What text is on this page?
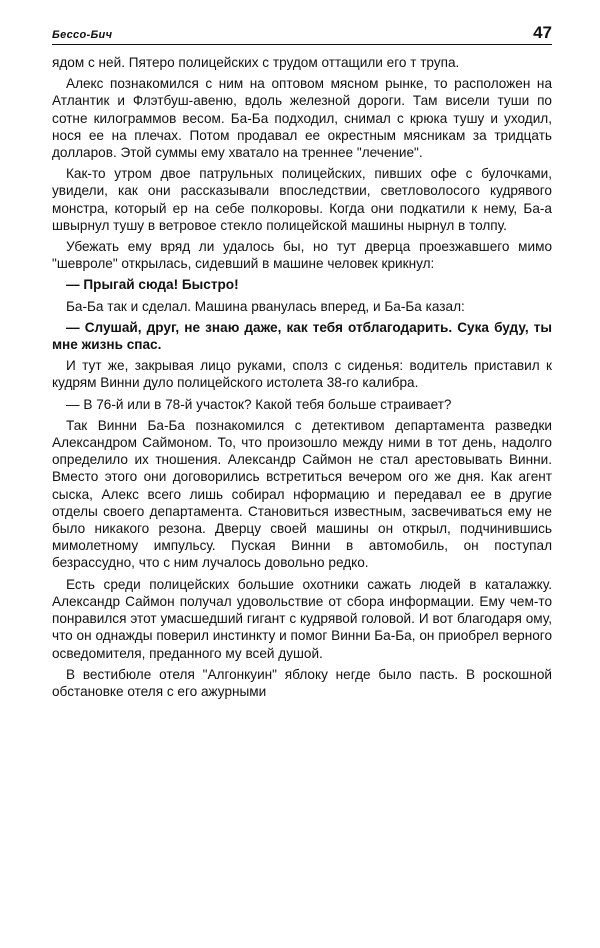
Бессо-Бич	47

ядом с ней. Пятеро полицейских с трудом оттащили его т трупа.

Алекс познакомился с ним на оптовом мясном рынке, то расположен на Атлантик и Флэтбуш-авеню, вдоль железной дороги. Там висели туши по сотне килограммов весом. Ба-Ба подходил, снимал с крюка тушу и уходил, нося ее на плечах. Потом продавал ее окрестным мясникам за тридцать долларов. Этой суммы ему хватало на треннее "лечение".

Как-то утром двое патрульных полицейских, пивших офе с булочками, увидели, как они рассказывали впоследствии, светловолосого кудрявого монстра, который ер на себе полкоровы. Когда они подкатили к нему, Ба-а швырнул тушу в ветровое стекло полицейской машины нырнул в толпу.

Убежать ему вряд ли удалось бы, но тут дверца проезжавшего мимо "шевроле" открылась, сидевший в машине человек крикнул:

— Прыгай сюда! Быстро!

Ба-Ба так и сделал. Машина рванулась вперед, и Ба-Ба казал:

— Слушай, друг, не знаю даже, как тебя отблагодарить. Сука буду, ты мне жизнь спас.

И тут же, закрывая лицо руками, сполз с сиденья: водитель приставил к кудрям Винни дуло полицейского истолета 38-го калибра.

— В 76-й или в 78-й участок? Какой тебя больше страивает?

Так Винни Ба-Ба познакомился с детективом департамента разведки Александром Саймоном. То, что произошло между ними в тот день, надолго определило их тношения. Александр Саймон не стал арестовывать Винни. Вместо этого они договорились встретиться вечером ого же дня. Как агент сыска, Алекс всего лишь собирал нформацию и передавал ее в другие отделы своего департамента. Становиться известным, засвечиваться ему не было никакого резона. Дверцу своей машины он открыл, подчинившись мимолетному импульсу. Пуская Винни в автомобиль, он поступал безрассудно, что с ним лучалось довольно редко.

Есть среди полицейских большие охотники сажать людей в каталажку. Александр Саймон получал удовольствие от сбора информации. Ему чем-то понравился этот умасшедший гигант с кудрявой головой. И вот благодаря ому, что он однажды поверил инстинкту и помог Винни Ба-Ба, он приобрел верного осведомителя, преданного му всей душой.

В вестибюле отеля "Алгонкуин" яблоку негде было пасть. В роскошной обстановке отеля с его ажурными
